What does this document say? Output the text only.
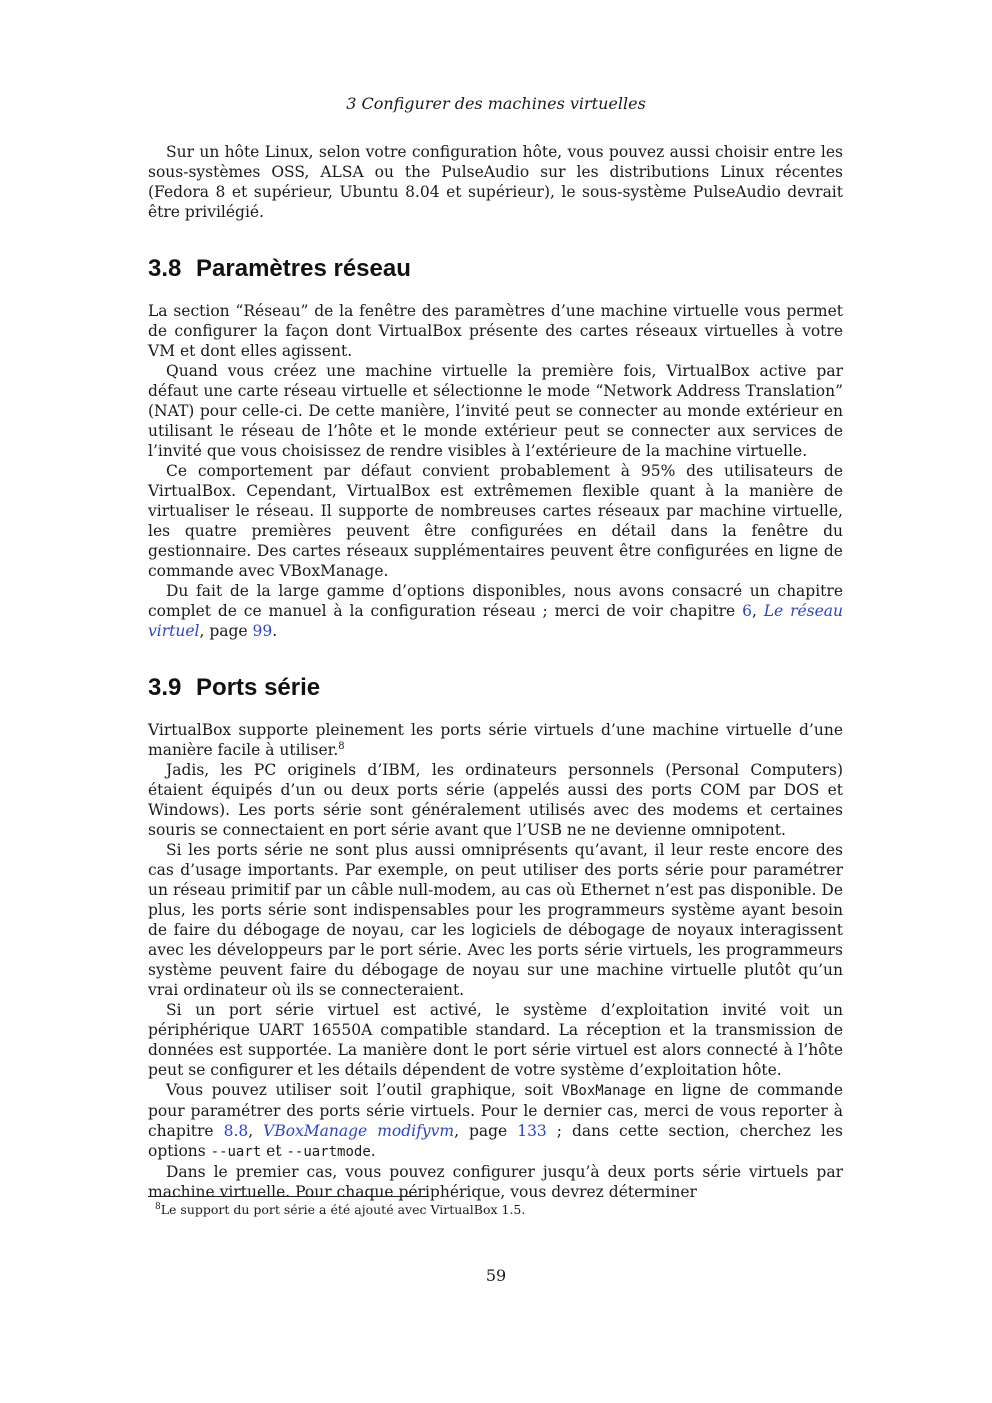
3 Configurer des machines virtuelles

Sur un hôte Linux, selon votre configuration hôte, vous pouvez aussi choisir entre les sous-systèmes OSS, ALSA ou the PulseAudio sur les distributions Linux récentes (Fedora 8 et supérieur, Ubuntu 8.04 et supérieur), le sous-système PulseAudio devrait être privilégié.

3.8 Paramètres réseau

La section “Réseau” de la fenêtre des paramètres d’une machine virtuelle vous permet de configurer la façon dont VirtualBox présente des cartes réseaux virtuelles à votre VM et dont elles agissent.

Quand vous créez une machine virtuelle la première fois, VirtualBox active par défaut une carte réseau virtuelle et sélectionne le mode “Network Address Translation” (NAT) pour celle-ci. De cette manière, l’invité peut se connecter au monde extérieur en utilisant le réseau de l’hôte et le monde extérieur peut se connecter aux services de l’invité que vous choisissez de rendre visibles à l’extérieure de la machine virtuelle.

Ce comportement par défaut convient probablement à 95% des utilisateurs de VirtualBox. Cependant, VirtualBox est extrêmemen flexible quant à la manière de virtualiser le réseau. Il supporte de nombreuses cartes réseaux par machine virtuelle, les quatre premières peuvent être configurées en détail dans la fenêtre du gestionnaire. Des cartes réseaux supplémentaires peuvent être configurées en ligne de commande avec VBoxManage.

Du fait de la large gamme d’options disponibles, nous avons consacré un chapitre complet de ce manuel à la configuration réseau ; merci de voir chapitre 6, Le réseau virtuel, page 99.

3.9 Ports série

VirtualBox supporte pleinement les ports série virtuels d’une machine virtuelle d’une manière facile à utiliser.$^8$

Jadis, les PC originels d’IBM, les ordinateurs personnels (Personal Computers) étaient équipés d’un ou deux ports série (appelés aussi des ports COM par DOS et Windows). Les ports série sont généralement utilisés avec des modems et certaines souris se connectaient en port série avant que l’USB ne ne devienne omnipotent.

Si les ports série ne sont plus aussi omniprésents qu’avant, il leur reste encore des cas d’usage importants. Par exemple, on peut utiliser des ports série pour paramétrer un réseau primitif par un câble null-modem, au cas où Ethernet n’est pas disponible. De plus, les ports série sont indispensables pour les programmeurs système ayant besoin de faire du débogage de noyau, car les logiciels de débogage de noyaux interagissent avec les développeurs par le port série. Avec les ports série virtuels, les programmeurs système peuvent faire du débogage de noyau sur une machine virtuelle plutôt qu’un vrai ordinateur où ils se connecteraient.

Si un port série virtuel est activé, le système d’exploitation invité voit un périphérique UART 16550A compatible standard. La réception et la transmission de données est supportée. La manière dont le port série virtuel est alors connecté à l’hôte peut se configurer et les détails dépendent de votre système d’exploitation hôte.

Vous pouvez utiliser soit l’outil graphique, soit VBoxManage en ligne de commande pour paramétrer des ports série virtuels. Pour le dernier cas, merci de vous reporter à chapitre 8.8, VBoxManage modifyvm, page 133 ; dans cette section, cherchez les options --uart et --uartmode.

Dans le premier cas, vous pouvez configurer jusqu’à deux ports série virtuels par machine virtuelle. Pour chaque périphérique, vous devrez déterminer

$^8$Le support du port série a été ajouté avec VirtualBox 1.5.
59
